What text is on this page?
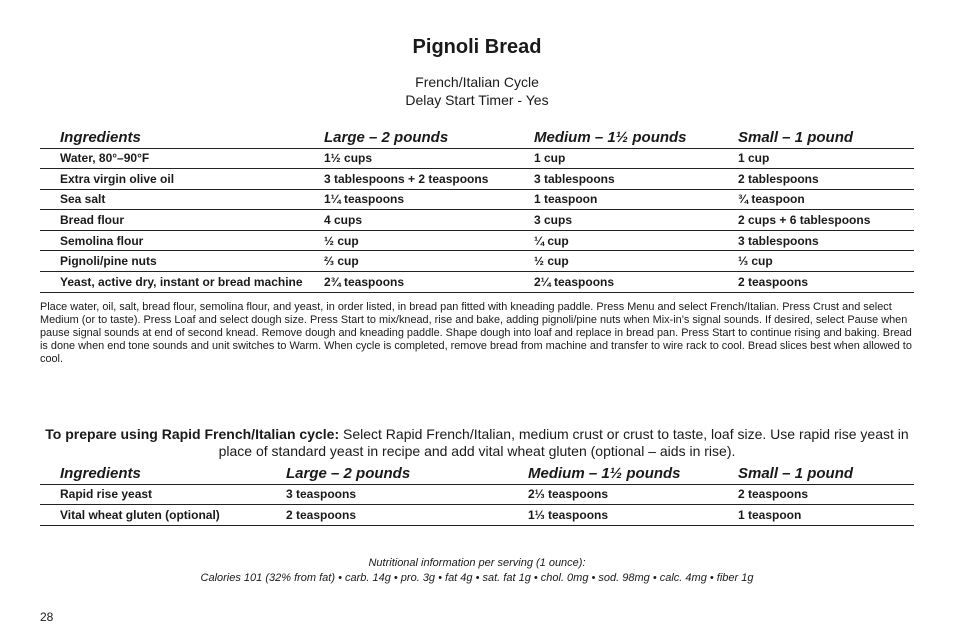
Pignoli Bread
French/Italian Cycle
Delay Start Timer - Yes
Ingredients	Large – 2 pounds	Medium – 1½ pounds	Small – 1 pound
Water, 80°–90°F	1½ cups	1 cup	1 cup
Extra virgin olive oil	3 tablespoons + 2 teaspoons	3 tablespoons	2 tablespoons
Sea salt	1¼ teaspoons	1 teaspoon	¾ teaspoon
Bread flour	4 cups	3 cups	2 cups + 6 tablespoons
Semolina flour	½ cup	¼ cup	3 tablespoons
Pignoli/pine nuts	⅔ cup	½ cup	⅓ cup
Yeast, active dry, instant or bread machine	2¾ teaspoons	2¼ teaspoons	2 teaspoons

Place water, oil, salt, bread flour, semolina flour, and yeast, in order listed, in bread pan fitted with kneading paddle. Press Menu and select French/Italian. Press Crust and select Medium (or to taste). Press Loaf and select dough size. Press Start to mix/knead, rise and bake, adding pignoli/pine nuts when Mix-in’s signal sounds. If desired, select Pause when pause signal sounds at end of second knead. Remove dough and kneading paddle. Shape dough into loaf and replace in bread pan. Press Start to continue rising and baking. Bread is done when end tone sounds and unit switches to Warm. When cycle is completed, remove bread from machine and transfer to wire rack to cool. Bread slices best when allowed to cool.

To prepare using Rapid French/Italian cycle: Select Rapid French/Italian, medium crust or crust to taste, loaf size. Use rapid rise yeast in place of standard yeast in recipe and add vital wheat gluten (optional – aids in rise).
Ingredients	Large – 2 pounds	Medium – 1½ pounds	Small – 1 pound
Rapid rise yeast	3 teaspoons	2⅓ teaspoons	2 teaspoons
Vital wheat gluten (optional)	2 teaspoons	1⅓ teaspoons	1 teaspoon
Nutritional information per serving (1 ounce):
Calories 101 (32% from fat) • carb. 14g • pro. 3g • fat 4g • sat. fat 1g • chol. 0mg • sod. 98mg • calc. 4mg • fiber 1g
28
